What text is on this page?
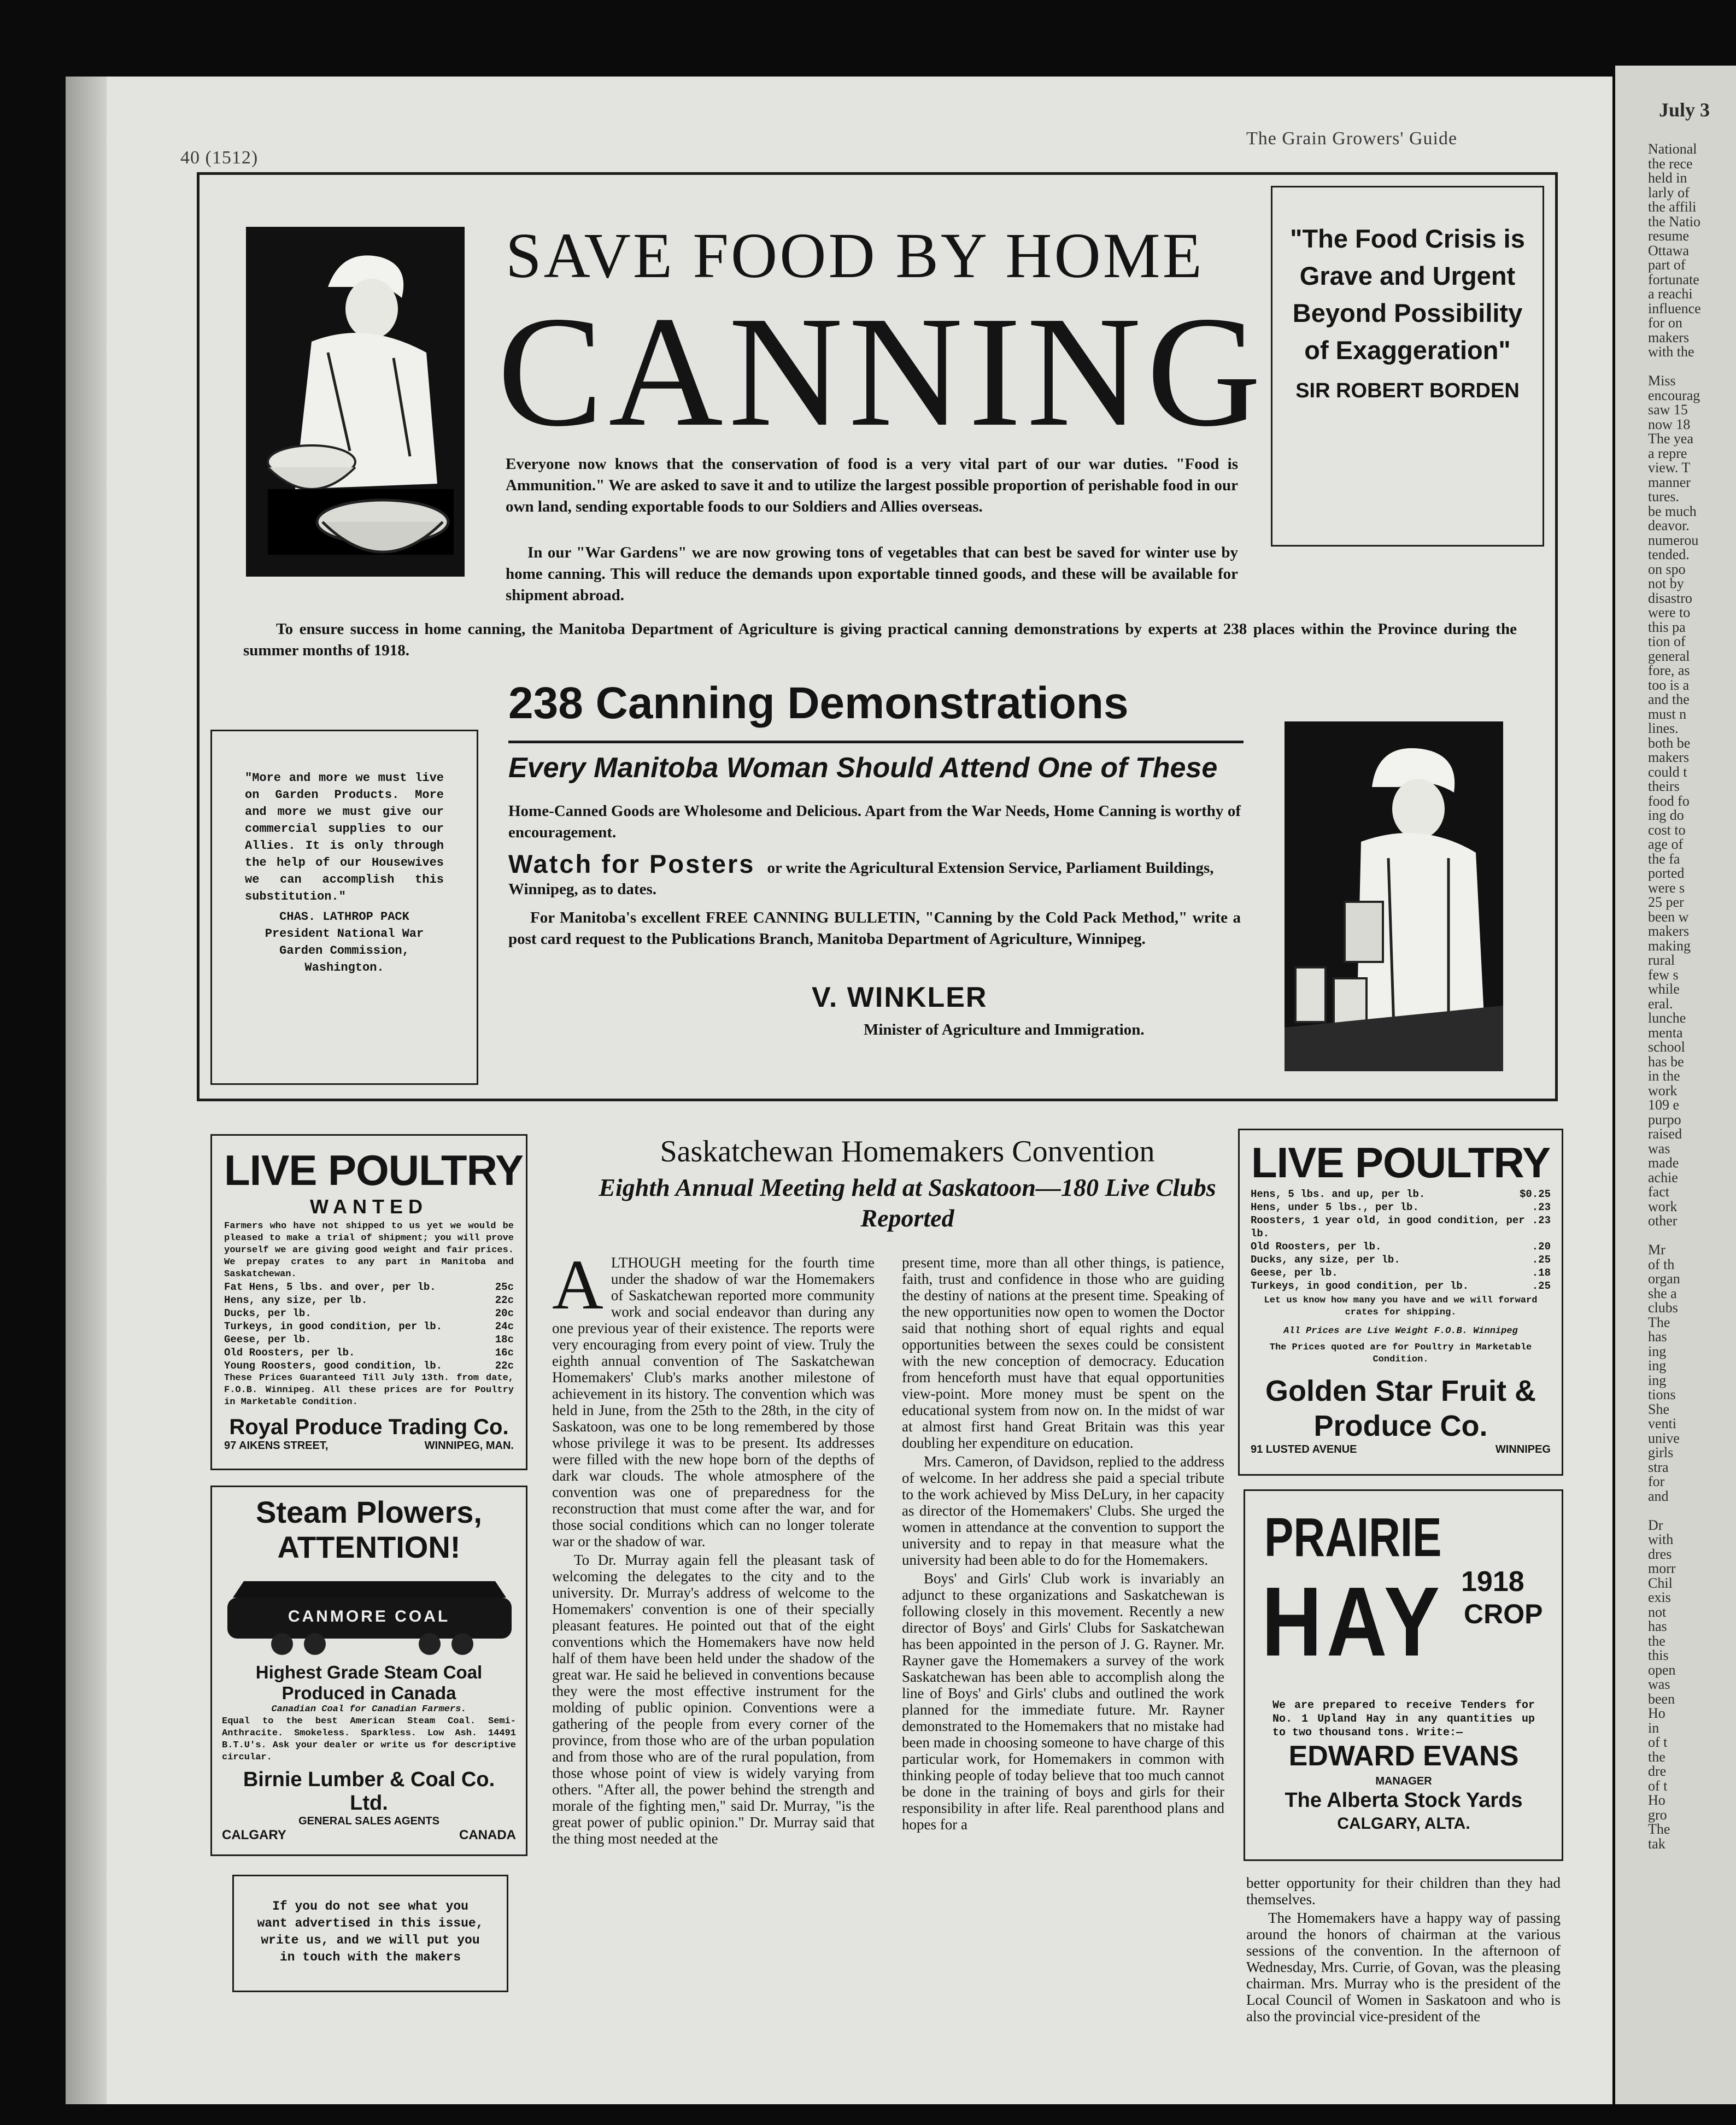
July 3
National
the rece
held in
larly of
the affili
the Natio
resume
Ottawa
part of
fortunate
a reachi
influence
for on
makers
with the

Miss
encourag
saw 15
now 18
The yea
a repre
view. T
manner
tures.
be much
deavor.
numerou
tended.
on spo
not by
disastro
were to
this pa
tion of
general
fore, as
too is a
and the
must n
lines.
both be
makers
could t
theirs
food fo
ing do
cost to
age of
the fa
ported
were s
25 per
been w
makers
making
rural
few s
while
eral.
lunche
menta
school
has be
in the
work
109 e
purpo
raised
was
made
achie
fact
work
other

Mr
of th
organ
she a
clubs
The
has
ing
ing
ing
tions
She
venti
unive
girls
stra
for
and

Dr
with
dres
morr
Chil
exis
not
has
the
this
open
was
been
Ho
in
of t
the
dre
of t
Ho
gro
The
tak
40 (1512)
The Grain Growers' Guide
SAVE FOOD BY HOME
CANNING
Everyone now knows that the conservation of food is a very vital part of our war duties. "Food is Ammunition." We are asked to save it and to utilize the largest possible proportion of perishable food in our own land, sending exportable foods to our Soldiers and Allies overseas.
In our "War Gardens" we are now growing tons of vegetables that can best be saved for winter use by home canning. This will reduce the demands upon exportable tinned goods, and these will be available for shipment abroad.
To ensure success in home canning, the Manitoba Department of Agriculture is giving practical canning demonstrations by experts at 238 places within the Province during the summer months of 1918.
"The Food Crisis is Grave and Urgent Beyond Possibility of Exaggeration"
SIR ROBERT BORDEN
"More and more we must live on Garden Products. More and more we must give our commercial supplies to our Allies. It is only through the help of our Housewives we can accomplish this substitution."
CHAS. LATHROP PACK
President National War Garden Commission, Washington.
238 Canning Demonstrations
Every Manitoba Woman Should Attend One of These
Home-Canned Goods are Wholesome and Delicious. Apart from the War Needs, Home Canning is worthy of encouragement.
Watch for Posters or write the Agricultural Extension Service, Parliament Buildings, Winnipeg, as to dates.
For Manitoba's excellent FREE CANNING BULLETIN, "Canning by the Cold Pack Method," write a post card request to the Publications Branch, Manitoba Department of Agriculture, Winnipeg.
V. WINKLER
Minister of Agriculture and Immigration.
LIVE POULTRY
WANTED
Farmers who have not shipped to us yet we would be pleased to make a trial of shipment; you will prove yourself we are giving good weight and fair prices. We prepay crates to any part in Manitoba and Saskatchewan.
Fat Hens, 5 lbs. and over, per lb.	25c
Hens, any size, per lb.	22c
Ducks, per lb.	20c
Turkeys, in good condition, per lb.	24c
Geese, per lb.	18c
Old Roosters, per lb.	16c
Young Roosters, good condition, lb.	22c
These Prices Guaranteed Till July 13th. from date, F.O.B. Winnipeg. All these prices are for Poultry in Marketable Condition.
Royal Produce Trading Co.
97 AIKENS STREET,	WINNIPEG, MAN.
Steam Plowers,
ATTENTION!
CANMORE COAL
Highest Grade Steam Coal Produced in Canada
Canadian Coal for Canadian Farmers.
Equal to the best American Steam Coal. Semi-Anthracite. Smokeless. Sparkless. Low Ash. 14491 B.T.U's. Ask your dealer or write us for descriptive circular.
Birnie Lumber & Coal Co. Ltd.
GENERAL SALES AGENTS
CALGARY	CANADA
If you do not see what you want advertised in this issue, write us, and we will put you in touch with the makers
Saskatchewan Homemakers Convention
Eighth Annual Meeting held at Saskatoon—180 Live Clubs Reported
A LTHOUGH meeting for the fourth time under the shadow of war the Homemakers of Saskatchewan reported more community work and social endeavor than during any one previous year of their existence. The reports were very encouraging from every point of view. Truly the eighth annual convention of The Saskatchewan Homemakers' Club's marks another milestone of achievement in its history. The convention which was held in June, from the 25th to the 28th, in the city of Saskatoon, was one to be long remembered by those whose privilege it was to be present. Its addresses were filled with the new hope born of the depths of dark war clouds. The whole atmosphere of the convention was one of preparedness for the reconstruction that must come after the war, and for those social conditions which can no longer tolerate war or the shadow of war.

To Dr. Murray again fell the pleasant task of welcoming the delegates to the city and to the university. Dr. Murray's address of welcome to the Homemakers' convention is one of their specially pleasant features. He pointed out that of the eight conventions which the Homemakers have now held half of them have been held under the shadow of the great war. He said he believed in conventions because they were the most effective instrument for the molding of public opinion. Conventions were a gathering of the people from every corner of the province, from those who are of the urban population and from those who are of the rural population, from those whose point of view is widely varying from others. "After all, the power behind the strength and morale of the fighting men," said Dr. Murray, "is the great power of public opinion." Dr. Murray said that the thing most needed at the

present time, more than all other things, is patience, faith, trust and confidence in those who are guiding the destiny of nations at the present time. Speaking of the new opportunities now open to women the Doctor said that nothing short of equal rights and equal opportunities between the sexes could be consistent with the new conception of democracy. Education from henceforth must have that equal opportunities view-point. More money must be spent on the educational system from now on. In the midst of war at almost first hand Great Britain was this year doubling her expenditure on education.

Mrs. Cameron, of Davidson, replied to the address of welcome. In her address she paid a special tribute to the work achieved by Miss DeLury, in her capacity as director of the Homemakers' Clubs. She urged the women in attendance at the convention to support the university and to repay in that measure what the university had been able to do for the Homemakers.

Boys' and Girls' Club work is invariably an adjunct to these organizations and Saskatchewan is following closely in this movement. Recently a new director of Boys' and Girls' Clubs for Saskatchewan has been appointed in the person of J. G. Rayner. Mr. Rayner gave the Homemakers a survey of the work Saskatchewan has been able to accomplish along the line of Boys' and Girls' clubs and outlined the work planned for the immediate future. Mr. Rayner demonstrated to the Homemakers that no mistake had been made in choosing someone to have charge of this particular work, for Homemakers in common with thinking people of today believe that too much cannot be done in the training of boys and girls for their responsibility in after life. Real parenthood plans and hopes for a

LIVE POULTRY
Hens, 5 lbs. and up, per lb.	$0.25
Hens, under 5 lbs., per lb.	.23
Roosters, 1 year old, in good condition, per lb.
.23
Old Roosters, per lb.	.20
Ducks, any size, per lb.	.25
Geese, per lb.	.18
Turkeys, in good condition, per lb.	.25
Let us know how many you have and we will forward crates for shipping.
All Prices are Live Weight F.O.B. Winnipeg
The Prices quoted are for Poultry in Marketable Condition.
Golden Star Fruit & Produce Co.
91 LUSTED AVENUE	WINNIPEG
PRAIRIE
HAY 1918
CROP
We are prepared to receive Tenders for No. 1 Upland Hay in any quantities up to two thousand tons. Write:—
EDWARD EVANS
MANAGER
The Alberta Stock Yards
CALGARY, ALTA.

better opportunity for their children than they had themselves.

The Homemakers have a happy way of passing around the honors of chairman at the various sessions of the convention. In the afternoon of Wednesday, Mrs. Currie, of Govan, was the pleasing chairman. Mrs. Murray who is the president of the Local Council of Women in Saskatoon and who is also the provincial vice-president of the
